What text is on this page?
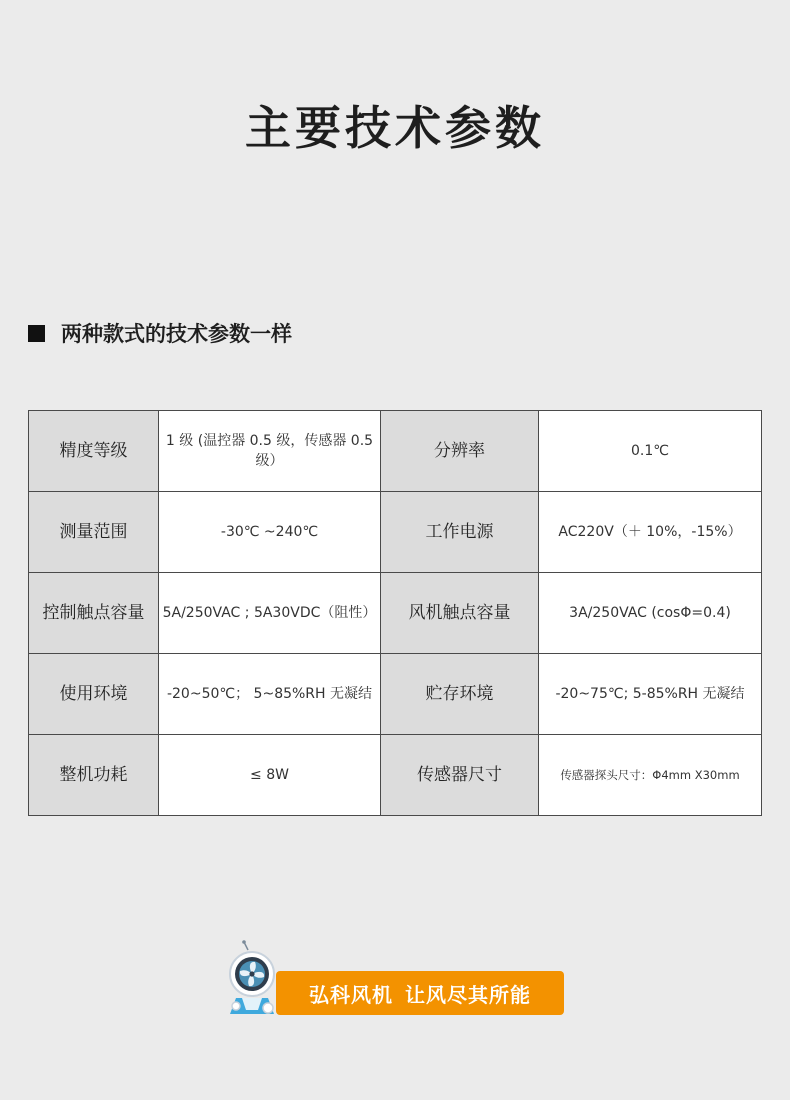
主要技术参数
两种款式的技术参数一样
精度等级	1 级 (温控器 0.5 级，传感器 0.5 级）	分辨率	0.1℃
测量范围	-30℃ ~240℃	工作电源	AC220V（＋ 10%，-15%）
控制触点容量	5A/250VAC ; 5A30VDC（阻性）	风机触点容量	3A/250VAC (cosΦ=0.4)
使用环境	-20~50℃； 5~85%RH 无凝结	贮存环境	-20~75℃; 5-85%RH 无凝结
整机功耗	≤ 8W	传感器尺寸	传感器探头尺寸：Φ4mm X30mm
弘科风机 让风尽其所能
